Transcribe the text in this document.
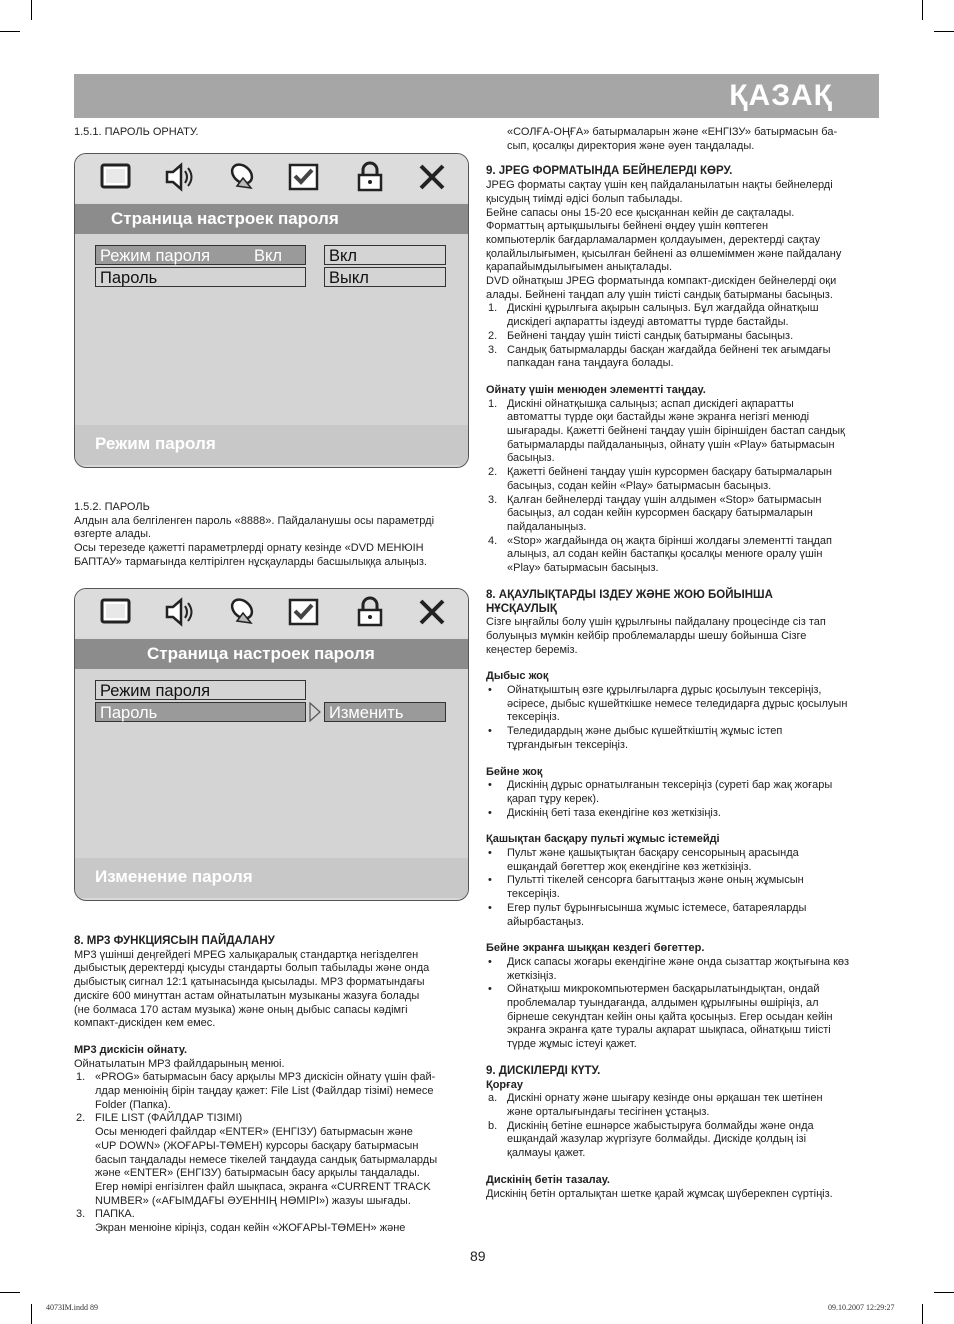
ҚАЗАҚ
1.5.1. ПАРОЛЬ ОРНАТУ.
Страница настроек пароля
Режим пароля	Вкл
Пароль
Вкл
Выкл
Режим пароля

1.5.2. ПАРОЛЬ

Алдын ала белгіленген пароль «8888». Пайдаланушы осы параметрді

өзгерте алады.

Осы терезеде қажетті параметрлерді орнату кезінде «DVD МЕНЮІН

БАПТАУ» тармағында келтірілген нұсқауларды басшылыққа алыңыз.

Страница настроек пароля
Режим пароля
Пароль	Изменить
Изменение пароля

8. MP3 ФУНКЦИЯСЫН ПАЙДАЛАНУ

MP3 үшінші деңгейдегі MPEG халықаралық стандартқа негізделген

дыбыстық деректерді қысуды стандарты болып табылады және онда

дыбыстық сигнал 12:1 қатынасында қысылады. MP3 форматындағы

дискіге 600 минуттан астам ойнатылатын музыканы жазуға болады

(не болмаса 170 астам музыка) және оның дыбыс сапасы кәдімгі

компакт-дискіден кем емес.

MP3 дискісін ойнату.

Ойнатылатын MP3 файлдарының менюі.

1. «PROG» батырмасын басу арқылы MP3 дискісін ойнату үшін фай-

лдар менюінің бірін таңдау қажет: File List (Файлдар тізімі) немесе

Folder (Папка).

2. FILE LIST (ФАЙЛДАР ТІЗІМІ)

Осы менюдегі файлдар «ENTER» (ЕНГІЗУ) батырмасын және

«UP DOWN» (ЖОҒАРЫ-ТӨМЕН) курсоры басқару батырмасын

басып таңдалады немесе тікелей таңдауда сандық батырмаларды

және «ENTER» (ЕНГІЗУ) батырмасын басу арқылы таңдалады.

Егер нөмірі енгізілген файл шықпаса, экранға «CURRENT TRACK

NUMBER» («АҒЫМДАҒЫ ӘУЕННІҢ НӨМІРІ») жазуы шығады.

3. ПАПКА.

Экран менюіне кіріңіз, содан кейін «ЖОҒАРЫ-ТӨМЕН» және

«СОЛҒА-ОҢҒА» батырмаларын және «ЕНГІЗУ» батырмасын ба-

сып, қосалқы директория және әуен таңдалады.

9. JPEG ФОРМАТЫНДА БЕЙНЕЛЕРДІ КӨРУ.

JPEG форматы сақтау үшін кең пайдаланылатын нақты бейнелерді

қысудың тиімді әдісі болып табылады.

Бейне сапасы оны 15-20 есе қысқаннан кейін де сақталады.

Форматтың артықшылығы бейнені өңдеу үшін көптеген

компьютерлік бағдарламалармен қолдауымен, деректерді сақтау

қолайлылығымен, қысылған бейнені аз өлшеміммен және пайдалану

қарапайымдылығымен анықталады.

DVD ойнатқыш JPEG форматында компакт-дискіден бейнелерді оқи

алады. Бейнені таңдап алу үшін тиісті сандық батырманы басыңыз.

1. Дискіні құрылғыға ақырын салыңыз. Бұл жағдайда ойнатқыш

дискідегі ақпаратты іздеуді автоматты түрде бастайды.

2. Бейнені таңдау үшін тиісті сандық батырманы басыңыз.

3. Сандық батырмаларды басқан жағдайда бейнені тек ағымдағы

папкадан ғана таңдауға болады.

Ойнату үшін менюден элементті таңдау.

1. Дискіні ойнатқышқа салыңыз; аспап дискідегі ақпаратты

автоматты түрде оқи бастайды және экранға негізгі менюді

шығарады. Қажетті бейнені таңдау үшін біріншіден бастап сандық

батырмаларды пайдаланыңыз, ойнату үшін «Play» батырмасын

басыңыз.

2. Қажетті бейнені таңдау үшін курсормен басқару батырмаларын

басыңыз, содан кейін «Play» батырмасын басыңыз.

3. Қалған бейнелерді таңдау үшін алдымен «Stop» батырмасын

басыңыз, ал содан кейін курсормен басқару батырмаларын

пайдаланыңыз.

4. «Stop» жағдайында оң жақта бірінші жолдағы элементті таңдап

алыңыз, ал содан кейін бастапқы қосалқы менюге оралу үшін

«Play» батырмасын басыңыз.

8. АҚАУЛЫҚТАРДЫ ІЗДЕУ ЖӘНЕ ЖОЮ БОЙЫНША

НҰСҚАУЛЫҚ

Сізге ыңғайлы болу үшін құрылғыны пайдалану процесінде сіз тап

болуыңыз мүмкін кейбір проблемаларды шешу бойынша Сізге

кеңестер береміз.

Дыбыс жоқ

• Ойнатқыштың өзге құрылғыларға дұрыс қосылуын тексеріңіз,

әсіресе, дыбыс күшейткішке немесе теледидарға дұрыс қосылуын

тексеріңіз.

• Теледидардың және дыбыс күшейткіштің жұмыс істеп

тұрғандығын тексеріңіз.

Бейне жоқ

• Дискінің дұрыс орнатылғанын тексеріңіз (суреті бар жақ жоғары

қарап тұру керек).

• Дискінің беті таза екендігіне көз жеткізіңіз.

Қашықтан басқару пульті жұмыс істемейді

• Пульт және қашықтықтан басқару сенсорының арасында

ешқандай бөгеттер жоқ екендігіне көз жеткізіңіз.

• Пультті тікелей сенсорға бағыттаңыз және оның жұмысын

тексеріңіз.

• Егер пульт бұрынғысынша жұмыс істемесе, батареяларды

айырбастаңыз.

Бейне экранға шыққан кездегі бөгеттер.

• Диск сапасы жоғары екендігіне және онда сызаттар жоқтығына көз

жеткізіңіз.

• Ойнатқыш микрокомпьютермен басқарылатындықтан, ондай

проблемалар туындағанда, алдымен құрылғыны өшіріңіз, ал

бірнеше секундтан кейін оны қайта қосыңыз. Егер осыдан кейін

экранға экранға қате туралы ақпарат шықпаса, ойнатқыш тиісті

түрде жұмыс істеуі қажет.

9. ДИСКІЛЕРДІ КҮТУ.

Қорғау

a. Дискіні орнату және шығару кезінде оны әрқашан тек шетінен

және орталығындағы тесігінен ұстаңыз.

b. Дискінің бетіне ешнәрсе жабыстыруға болмайды және онда

ешқандай жазулар жүргізуге болмайды. Дискіде қолдың ізі

қалмауы қажет.

Дискінің бетін тазалау.

Дискінің бетін орталықтан шетке қарай жұмсақ шүберекпен сүртіңіз.

89
4073IM.indd 89	09.10.2007 12:29:27
